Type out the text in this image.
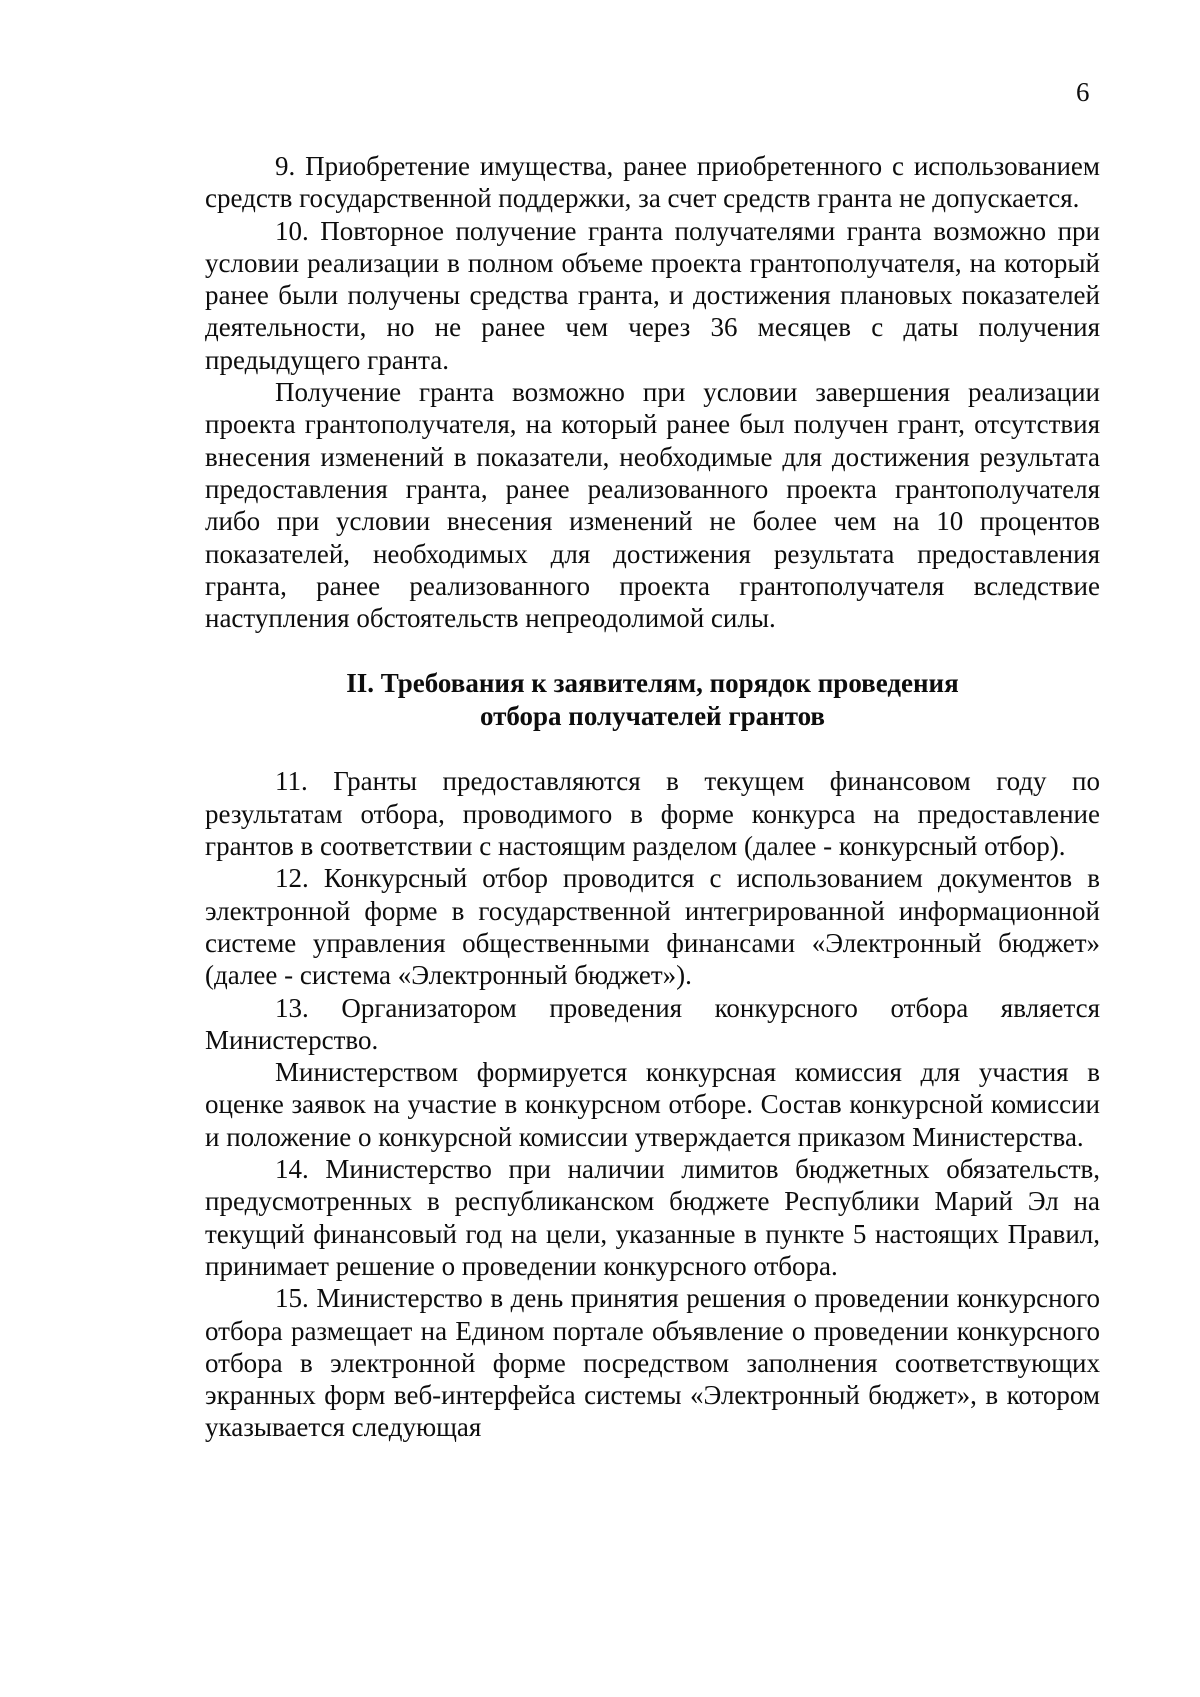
6

9. Приобретение имущества, ранее приобретенного с использованием средств государственной поддержки, за счет средств гранта не допускается.

10. Повторное получение гранта получателями гранта возможно при условии реализации в полном объеме проекта грантополучателя, на который ранее были получены средства гранта, и достижения плановых показателей деятельности, но не ранее чем через 36 месяцев с даты получения предыдущего гранта.

Получение гранта возможно при условии завершения реализации проекта грантополучателя, на который ранее был получен грант, отсутствия внесения изменений в показатели, необходимые для достижения результата предоставления гранта, ранее реализованного проекта грантополучателя либо при условии внесения изменений не более чем на 10 процентов показателей, необходимых для достижения результата предоставления гранта, ранее реализованного проекта грантополучателя вследствие наступления обстоятельств непреодолимой силы.

II. Требования к заявителям, порядок проведения
отбора получателей грантов

11. Гранты предоставляются в текущем финансовом году по результатам отбора, проводимого в форме конкурса на предоставление грантов в соответствии с настоящим разделом (далее - конкурсный отбор).

12. Конкурсный отбор проводится с использованием документов в электронной форме в государственной интегрированной информационной системе управления общественными финансами «Электронный бюджет» (далее - система «Электронный бюджет»).

13. Организатором проведения конкурсного отбора является Министерство.

Министерством формируется конкурсная комиссия для участия в оценке заявок на участие в конкурсном отборе. Состав конкурсной комиссии и положение о конкурсной комиссии утверждается приказом Министерства.

14. Министерство при наличии лимитов бюджетных обязательств, предусмотренных в республиканском бюджете Республики Марий Эл на текущий финансовый год на цели, указанные в пункте 5 настоящих Правил, принимает решение о проведении конкурсного отбора.

15. Министерство в день принятия решения о проведении конкурсного отбора размещает на Едином портале объявление о проведении конкурсного отбора в электронной форме посредством заполнения соответствующих экранных форм веб-интерфейса системы «Электронный бюджет», в котором указывается следующая
